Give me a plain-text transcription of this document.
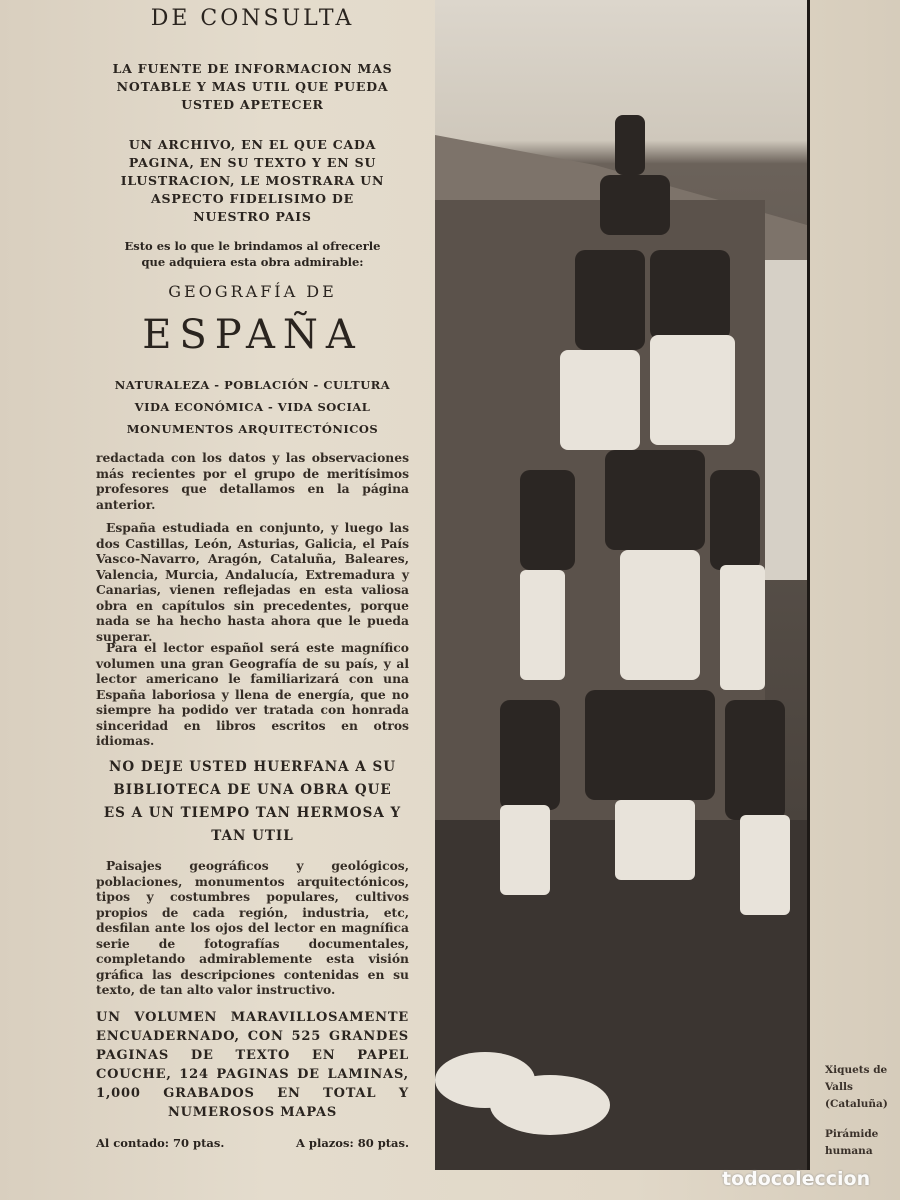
DE CONSULTA
LA FUENTE DE INFORMACION MAS
NOTABLE Y MAS UTIL QUE PUEDA
USTED APETECER
UN ARCHIVO, EN EL QUE CADA
PAGINA, EN SU TEXTO Y EN SU
ILUSTRACION, LE MOSTRARA UN
ASPECTO FIDELISIMO DE
NUESTRO PAIS
Esto es lo que le brindamos al ofrecerle
que adquiera esta obra admirable:
GEOGRAFÍA DE
ESPAÑA
NATURALEZA - POBLACIÓN - CULTURA
VIDA ECONÓMICA - VIDA SOCIAL
MONUMENTOS ARQUITECTÓNICOS
redactada con los datos y las observaciones más recientes por el grupo de meritísimos profesores que detallamos en la página anterior.
España estudiada en conjunto, y luego las dos Castillas, León, Asturias, Galicia, el País Vasco-Navarro, Aragón, Cataluña, Baleares, Valencia, Murcia, Andalucía, Extremadura y Canarias, vienen reflejadas en esta valiosa obra en capítulos sin precedentes, porque nada se ha hecho hasta ahora que le pueda superar.
Para el lector español será este magnífico volumen una gran Geografía de su país, y al lector americano le familiarizará con una España laboriosa y llena de energía, que no siempre ha podido ver tratada con honrada sinceridad en libros escritos en otros idiomas.
NO DEJE USTED HUERFANA A SU
BIBLIOTECA DE UNA OBRA QUE
ES A UN TIEMPO TAN HERMOSA Y
TAN UTIL
Paisajes geográficos y geológicos, poblaciones, monumentos arquitectónicos, tipos y costumbres populares, cultivos propios de cada región, industria, etc, desfilan ante los ojos del lector en magnífica serie de fotografías documentales, completando admirablemente esta visión gráfica las descripciones contenidas en su texto, de tan alto valor instructivo.
UN VOLUMEN MARAVILLOSAMENTE ENCUADERNADO, CON 525 GRANDES PAGINAS DE TEXTO EN PAPEL COUCHE, 124 PAGINAS DE LAMINAS, 1,000 GRABADOS EN TOTAL Y NUMEROSOS MAPAS
Al contado: 70 ptas.	A plazos: 80 ptas.
Xiquets de
Valls
(Cataluña)
Pirámide
humana
todocoleccion
